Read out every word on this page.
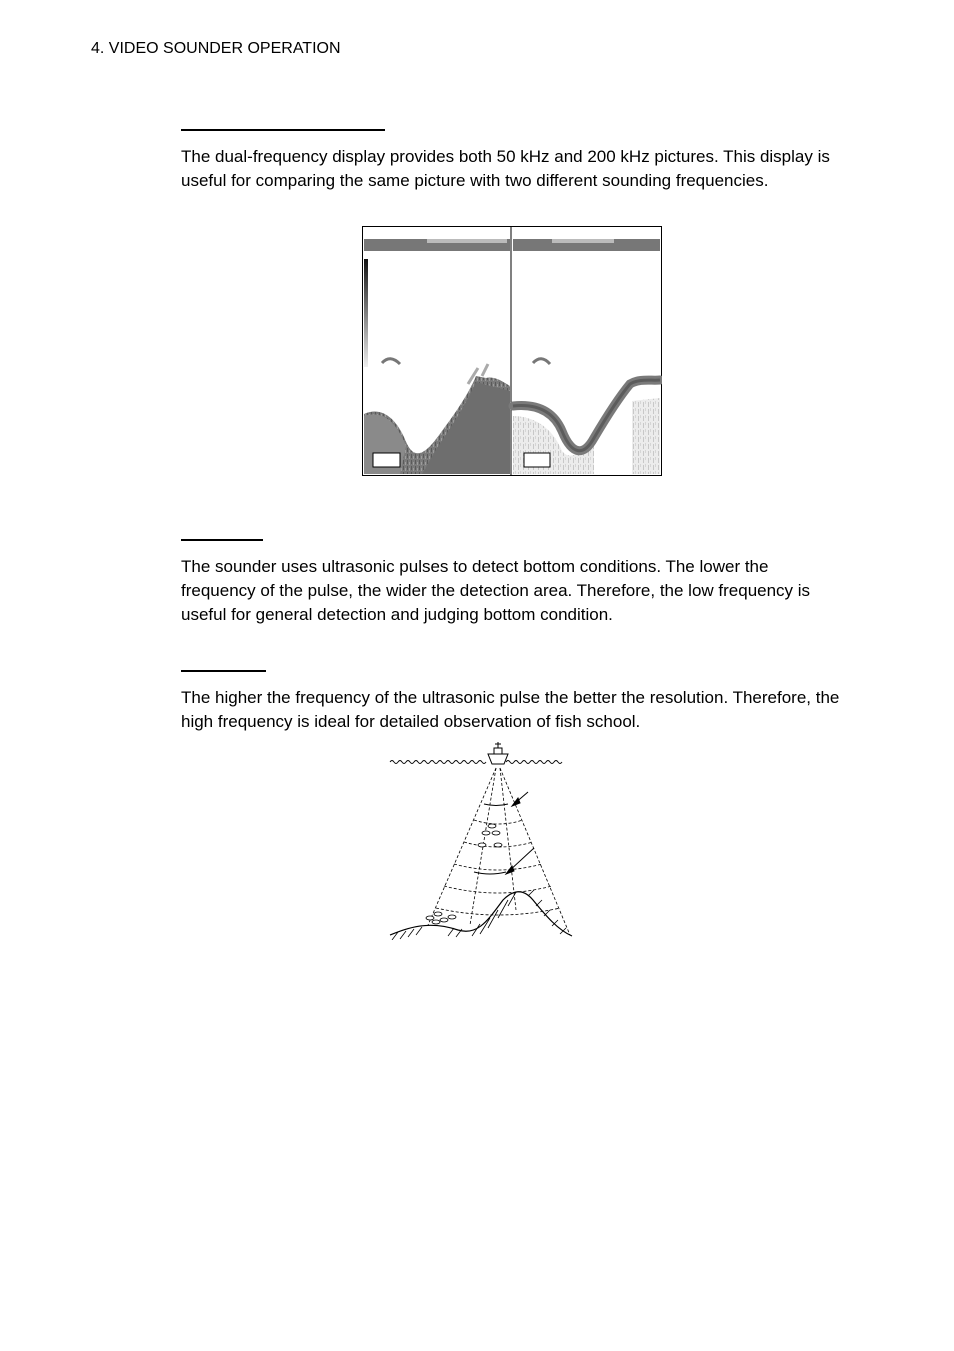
4. VIDEO SOUNDER OPERATION

The dual-frequency display provides both 50 kHz and 200 kHz pictures. This display is useful for comparing the same picture with two different sounding frequencies.

The sounder uses ultrasonic pulses to detect bottom conditions. The lower the frequency of the pulse, the wider the detection area. Therefore, the low frequency is useful for general detection and judging bottom condition.

The higher the frequency of the ultrasonic pulse the better the resolution. Therefore, the high frequency is ideal for detailed observation of fish school.
